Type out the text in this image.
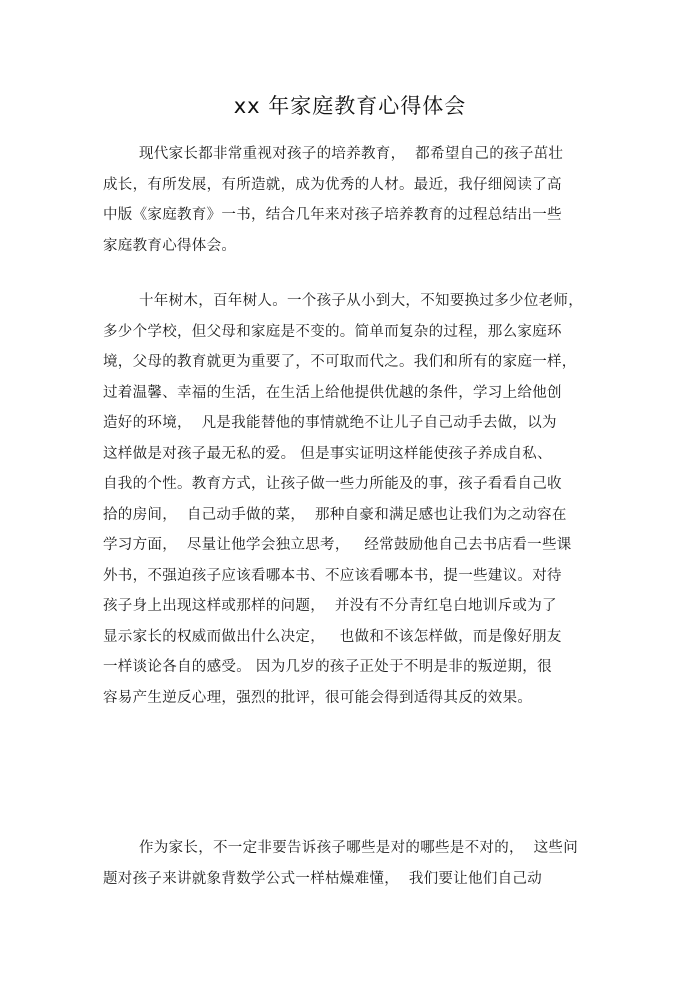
xx 年家庭教育心得体会
现代家长都非常重视对孩子的培养教育，  都希望自己的孩子茁壮
成长，有所发展，有所造就，成为优秀的人材。最近，我仔细阅读了高
中版《家庭教育》一书，结合几年来对孩子培养教育的过程总结出一些
家庭教育心得体会。
十年树木，百年树人。一个孩子从小到大，不知要换过多少位老师，
多少个学校，但父母和家庭是不变的。简单而复杂的过程，那么家庭环
境，父母的教育就更为重要了，不可取而代之。我们和所有的家庭一样，
过着温馨、幸福的生活，在生活上给他提供优越的条件，学习上给他创
造好的环境，  凡是我能替他的事情就绝不让儿子自己动手去做，以为
这样做是对孩子最无私的爱。 但是事实证明这样能使孩子养成自私、
自我的个性。教育方式，让孩子做一些力所能及的事，孩子看看自己收
拾的房间，  自己动手做的菜，  那种自豪和满足感也让我们为之动容在
学习方面，  尽量让他学会独立思考，   经常鼓励他自己去书店看一些课
外书，不强迫孩子应该看哪本书、不应该看哪本书，提一些建议。对待
孩子身上出现这样或那样的问题，  并没有不分青红皂白地训斥或为了
显示家长的权威而做出什么决定，   也做和不该怎样做，而是像好朋友
一样谈论各自的感受。 因为几岁的孩子正处于不明是非的叛逆期，很
容易产生逆反心理，强烈的批评，很可能会得到适得其反的效果。
作为家长，不一定非要告诉孩子哪些是对的哪些是不对的，  这些问
题对孩子来讲就象背数学公式一样枯燥难懂，  我们要让他们自己动
